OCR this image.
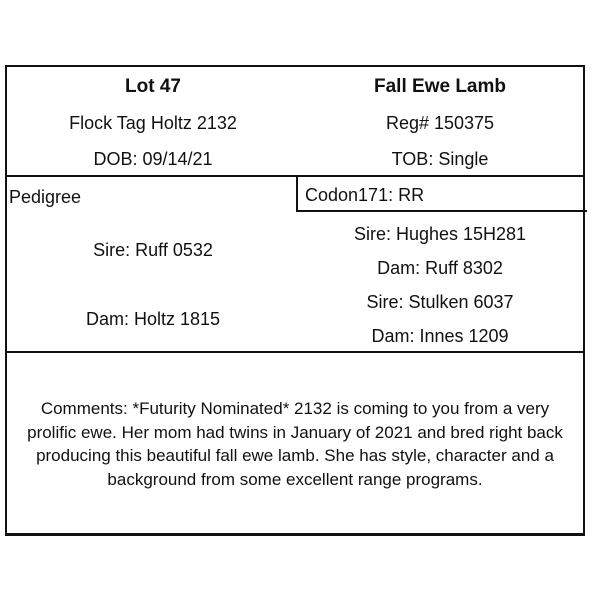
Lot 47	Fall Ewe Lamb
Flock Tag Holtz 2132	Reg# 150375
DOB: 09/14/21	TOB: Single
Pedigree	Codon171: RR
Sire: Ruff 0532
Dam: Holtz 1815
Sire: Hughes 15H281
Dam: Ruff 8302
Sire: Stulken 6037
Dam: Innes 1209
Comments: *Futurity Nominated* 2132 is coming to you from a very prolific ewe. Her mom had twins in January of 2021 and bred right back producing this beautiful fall ewe lamb. She has style, character and a background from some excellent range programs.
